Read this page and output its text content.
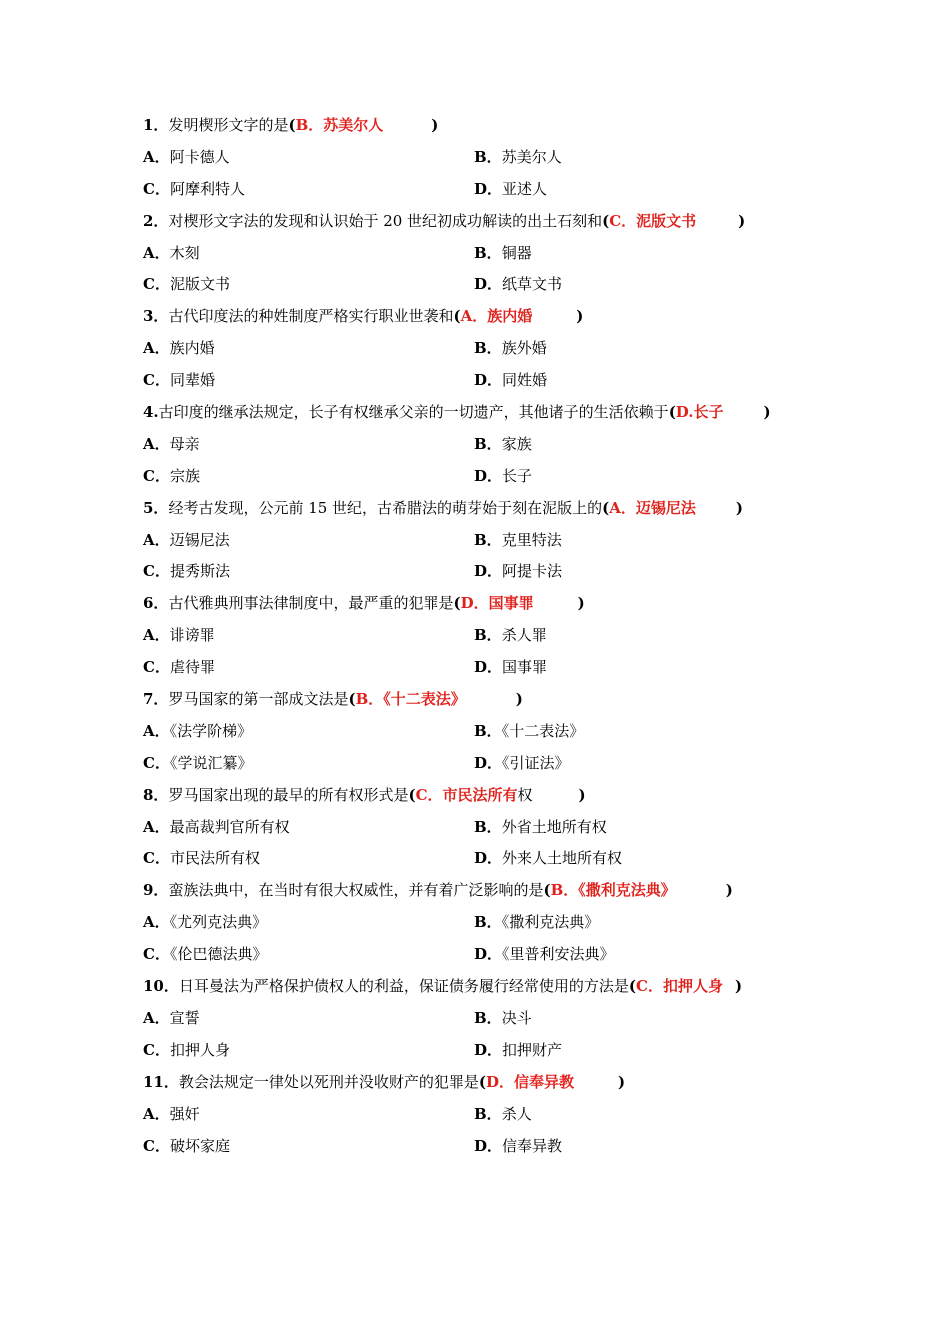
1．发明楔形文字的是(B．苏美尔人	)
A．阿卡德人	B．苏美尔人
C．阿摩利特人	D．亚述人
2．对楔形文字法的发现和认识始于 20 世纪初成功解读的出土石刻和(C．泥版文书	)
A．木刻	B．铜器
C．泥版文书	D．纸草文书
3．古代印度法的种姓制度严格实行职业世袭和(A．族内婚	)
A．族内婚	B．族外婚
C．同辈婚	D．同姓婚
4.古印度的继承法规定，长子有权继承父亲的一切遗产，其他诸子的生活依赖于(D.长子	)
A．母亲	B．家族
C．宗族	D．长子
5．经考古发现，公元前 15 世纪，古希腊法的萌芽始于刻在泥版上的(A．迈锡尼法	)
A．迈锡尼法	B．克里特法
C．提秀斯法	D．阿提卡法
6．古代雅典刑事法律制度中，最严重的犯罪是(D．国事罪	)
A．诽谤罪	B．杀人罪
C．虐待罪	D．国事罪
7．罗马国家的第一部成文法是(B．《十二表法》	)
A．《法学阶梯》	B．《十二表法》
C．《学说汇纂》	D．《引证法》
8．罗马国家出现的最早的所有权形式是(C．市民法所有权	)
A．最高裁判官所有权	B．外省土地所有权
C．市民法所有权	D．外来人土地所有权
9．蛮族法典中，在当时有很大权威性，并有着广泛影响的是(B．《撒利克法典》	)
A．《尤列克法典》	B．《撒利克法典》
C．《伦巴德法典》	D．《里普利安法典》
10．日耳曼法为严格保护债权人的利益，保证债务履行经常使用的方法是(C．扣押人身 )
A．宣誓	B．决斗
C．扣押人身	D．扣押财产
11．教会法规定一律处以死刑并没收财产的犯罪是(D．信奉异教	)
A．强奸	B．杀人
C．破坏家庭	D．信奉异教
